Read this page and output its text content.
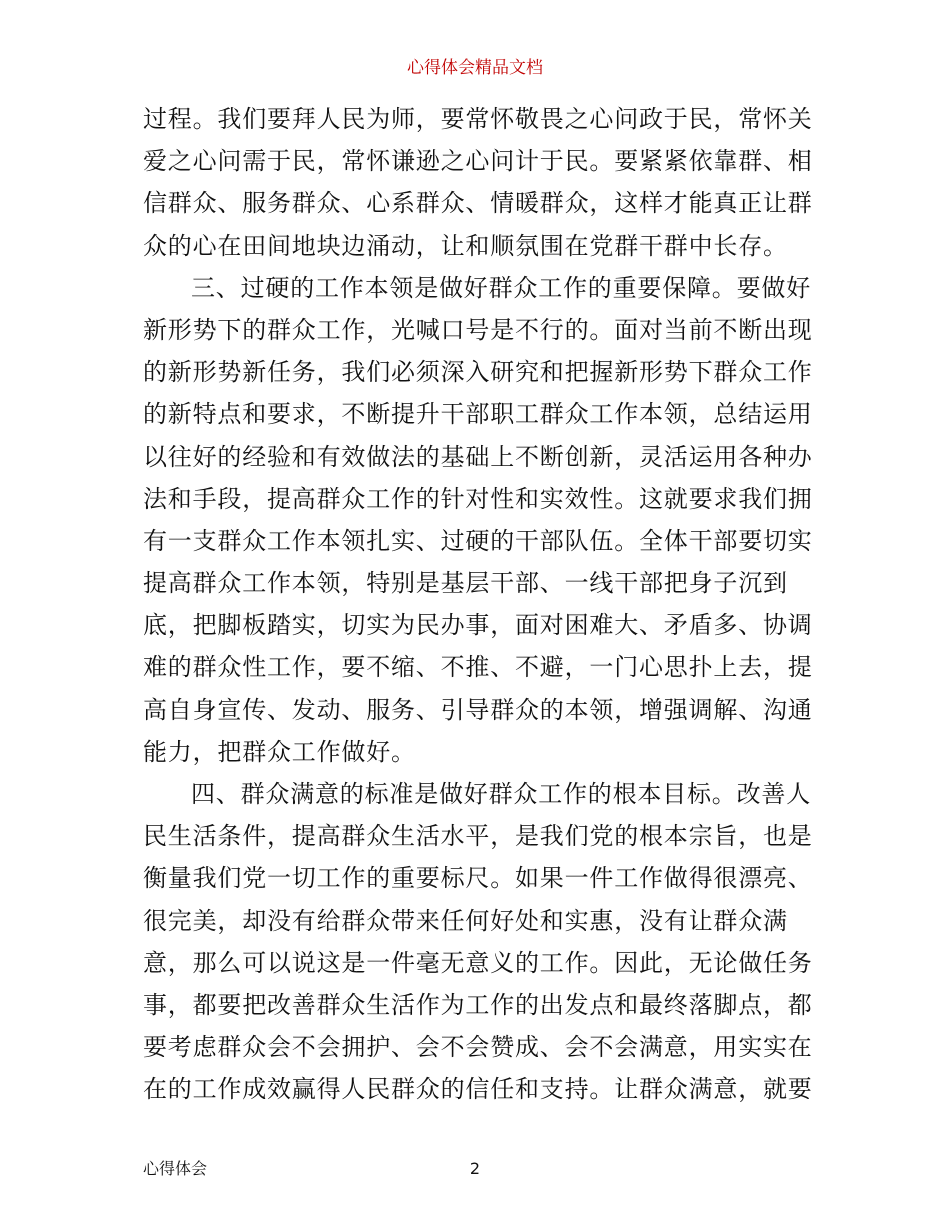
心得体会精品文档
过程。我们要拜人民为师，要常怀敬畏之心问政于民，常怀关
爱之心问需于民，常怀谦逊之心问计于民。要紧紧依靠群、相
信群众、服务群众、心系群众、情暖群众，这样才能真正让群
众的心在田间地块边涌动，让和顺氛围在党群干群中长存。
三、过硬的工作本领是做好群众工作的重要保障。要做好
新形势下的群众工作，光喊口号是不行的。面对当前不断出现
的新形势新任务，我们必须深入研究和把握新形势下群众工作
的新特点和要求，不断提升干部职工群众工作本领，总结运用
以往好的经验和有效做法的基础上不断创新，灵活运用各种办
法和手段，提高群众工作的针对性和实效性。这就要求我们拥
有一支群众工作本领扎实、过硬的干部队伍。全体干部要切实
提高群众工作本领，特别是基层干部、一线干部把身子沉到
底，把脚板踏实，切实为民办事，面对困难大、矛盾多、协调
难的群众性工作，要不缩、不推、不避，一门心思扑上去，提
高自身宣传、发动、服务、引导群众的本领，增强调解、沟通
能力，把群众工作做好。
四、群众满意的标准是做好群众工作的根本目标。改善人
民生活条件，提高群众生活水平，是我们党的根本宗旨，也是
衡量我们党一切工作的重要标尺。如果一件工作做得很漂亮、
很完美，却没有给群众带来任何好处和实惠，没有让群众满
意，那么可以说这是一件毫无意义的工作。因此，无论做任务
事，都要把改善群众生活作为工作的出发点和最终落脚点，都
要考虑群众会不会拥护、会不会赞成、会不会满意，用实实在
在的工作成效赢得人民群众的信任和支持。让群众满意，就要
心得体会	2
